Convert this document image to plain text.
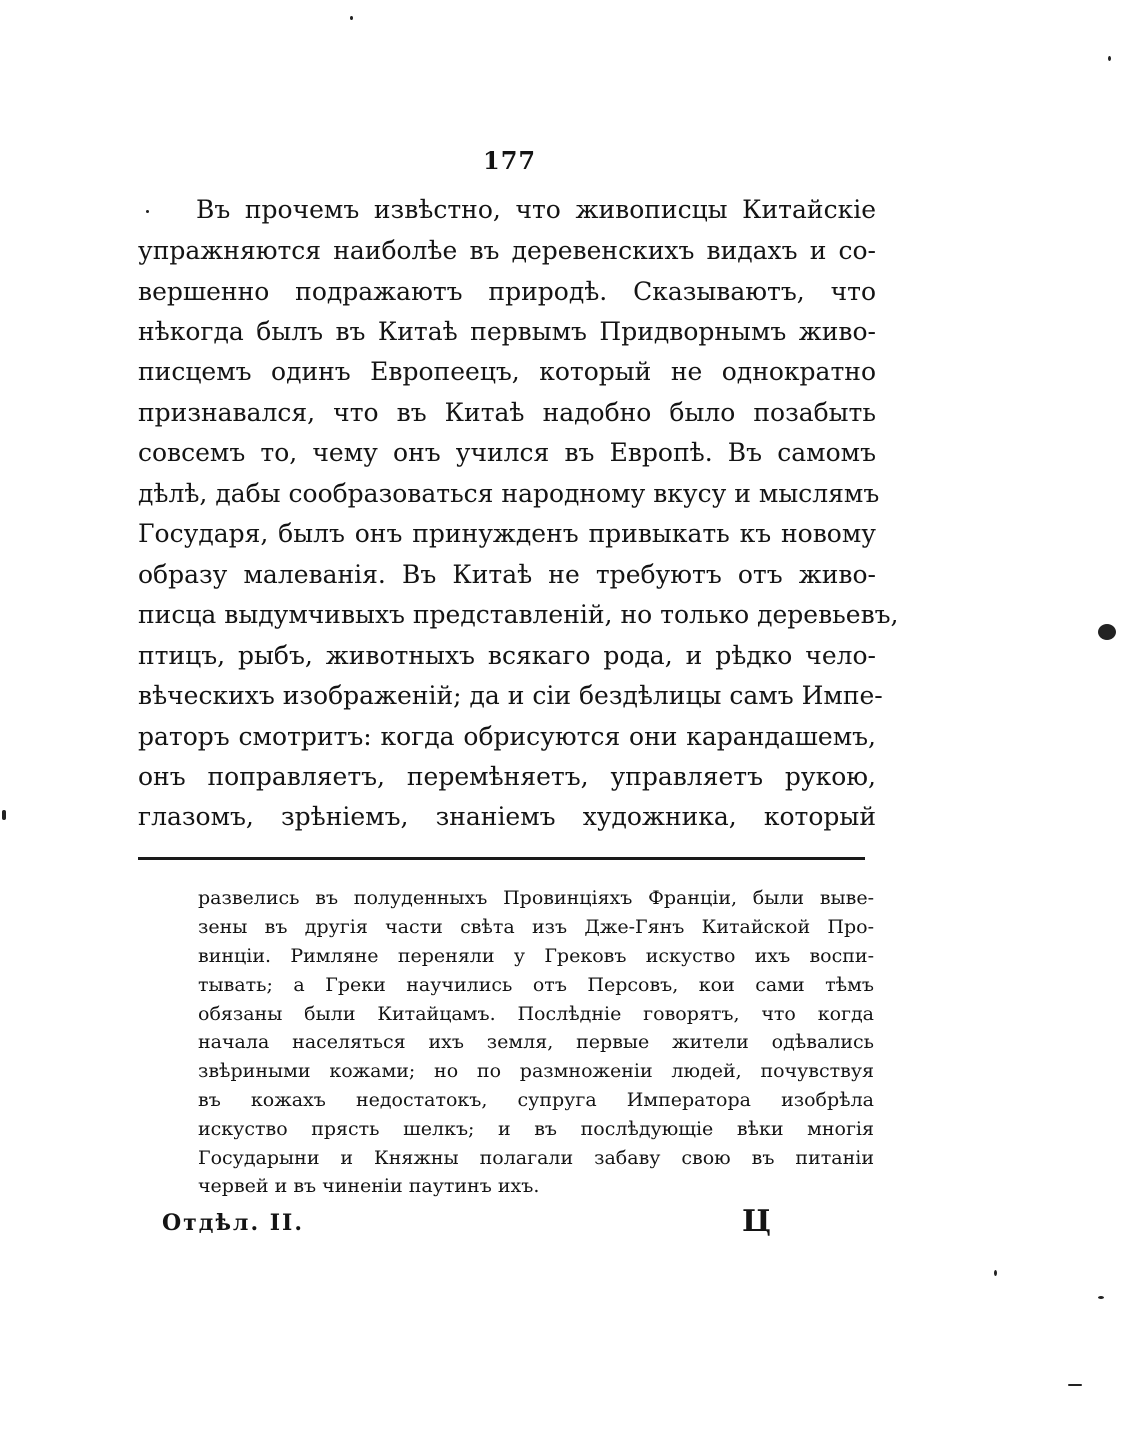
177
Въ прочемъ извѣстно, что живописцы Китайскіе
упражняются наиболѣе въ деревенскихъ видахъ и со-
вершенно подражаютъ природѣ. Сказываютъ, что
нѣкогда былъ въ Китаѣ первымъ Придворнымъ живо-
писцемъ одинъ Европеецъ, который не однократно
признавался, что въ Китаѣ надобно было позабыть
совсемъ то, чему онъ учился въ Европѣ. Въ самомъ
дѣлѣ, дабы сообразоваться народному вкусу и мыслямъ
Государя, былъ онъ принужденъ привыкать къ новому
образу малеванія. Въ Китаѣ не требуютъ отъ живо-
писца выдумчивыхъ представленій, но только деревьевъ,
птицъ, рыбъ, животныхъ всякаго рода, и рѣдко чело-
вѣческихъ изображеній; да и сіи бездѣлицы самъ Импе-
раторъ смотритъ: когда обрисуются они карандашемъ,
онъ поправляетъ, перемѣняетъ, управляетъ рукою,
глазомъ, зрѣніемъ, знаніемъ художника, который
развелись въ полуденныхъ Провинціяхъ Франціи, были выве-
зены въ другія части свѣта изъ Дже-Гянъ Китайской Про-
винціи. Римляне переняли у Грековъ искуство ихъ воспи-
тывать; а Греки научились отъ Персовъ, кои сами тѣмъ
обязаны были Китайцамъ. Послѣдніе говорятъ, что когда
начала населяться ихъ земля, первые жители одѣвались
звѣриными кожами; но по размноженіи людей, почувствуя
въ кожахъ недостатокъ, супруга Императора изобрѣла
искуство прясть шелкъ; и въ послѣдующіе вѣки многія
Государыни и Княжны полагали забаву свою въ питаніи
червей и въ чиненіи паутинъ ихъ.
Отдѣл. II.	Ц
